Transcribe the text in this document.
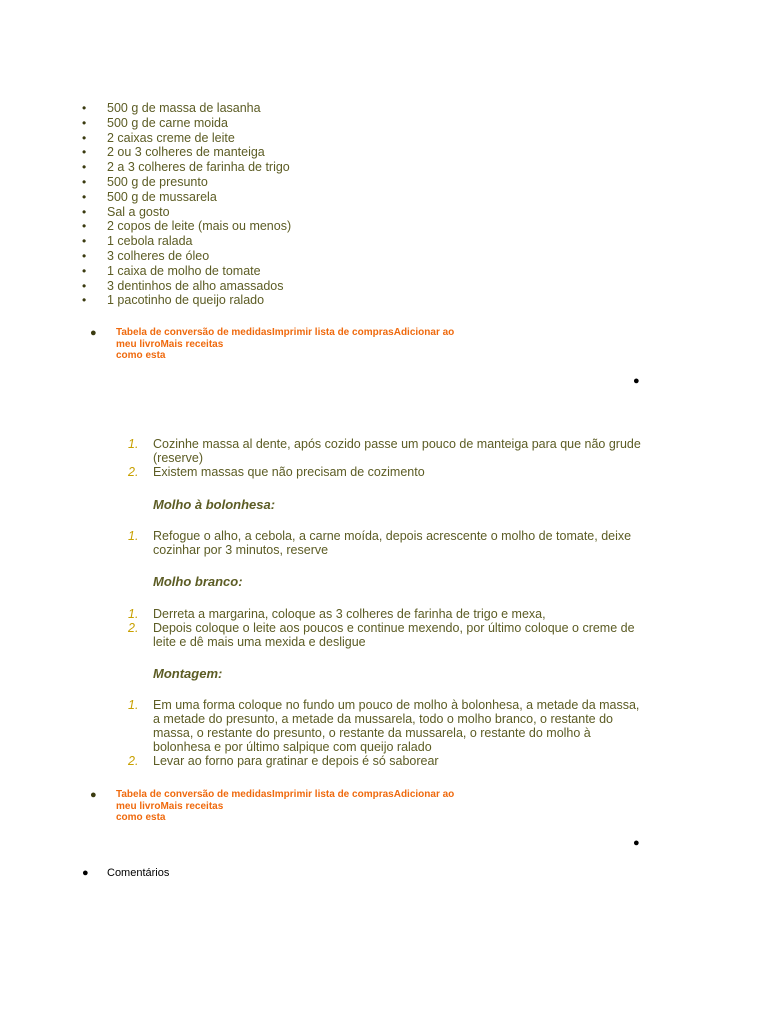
• 500 g de massa de lasanha
• 500 g de carne moida
• 2 caixas creme de leite
• 2 ou 3 colheres de manteiga
• 2 a 3 colheres de farinha de trigo
• 500 g de presunto
• 500 g de mussarela
• Sal a gosto
• 2 copos de leite (mais ou menos)
• 1 cebola ralada
• 3 colheres de óleo
• 1 caixa de molho de tomate
• 3 dentinhos de alho amassados
• 1 pacotinho de queijo ralado
● Tabela de conversão de medidasImprimir lista de comprasAdicionar ao
meu livroMais receitas
como esta
●
1. Cozinhe massa al dente, após cozido passe um pouco de manteiga para que não grude
(reserve)
2. Existem massas que não precisam de cozimento
Molho à bolonhesa:
1. Refogue o alho, a cebola, a carne moída, depois acrescente o molho de tomate, deixe
cozinhar por 3 minutos, reserve
Molho branco:
1. Derreta a margarina, coloque as 3 colheres de farinha de trigo e mexa,
2. Depois coloque o leite aos poucos e continue mexendo, por último coloque o creme de
leite e dê mais uma mexida e desligue
Montagem:
1. Em uma forma coloque no fundo um pouco de molho à bolonhesa, a metade da massa,
a metade do presunto, a metade da mussarela, todo o molho branco, o restante do
massa, o restante do presunto, o restante da mussarela, o restante do molho à
bolonhesa e por último salpique com queijo ralado
2. Levar ao forno para gratinar e depois é só saborear
● Tabela de conversão de medidasImprimir lista de comprasAdicionar ao
meu livroMais receitas
como esta
●
● Comentários
